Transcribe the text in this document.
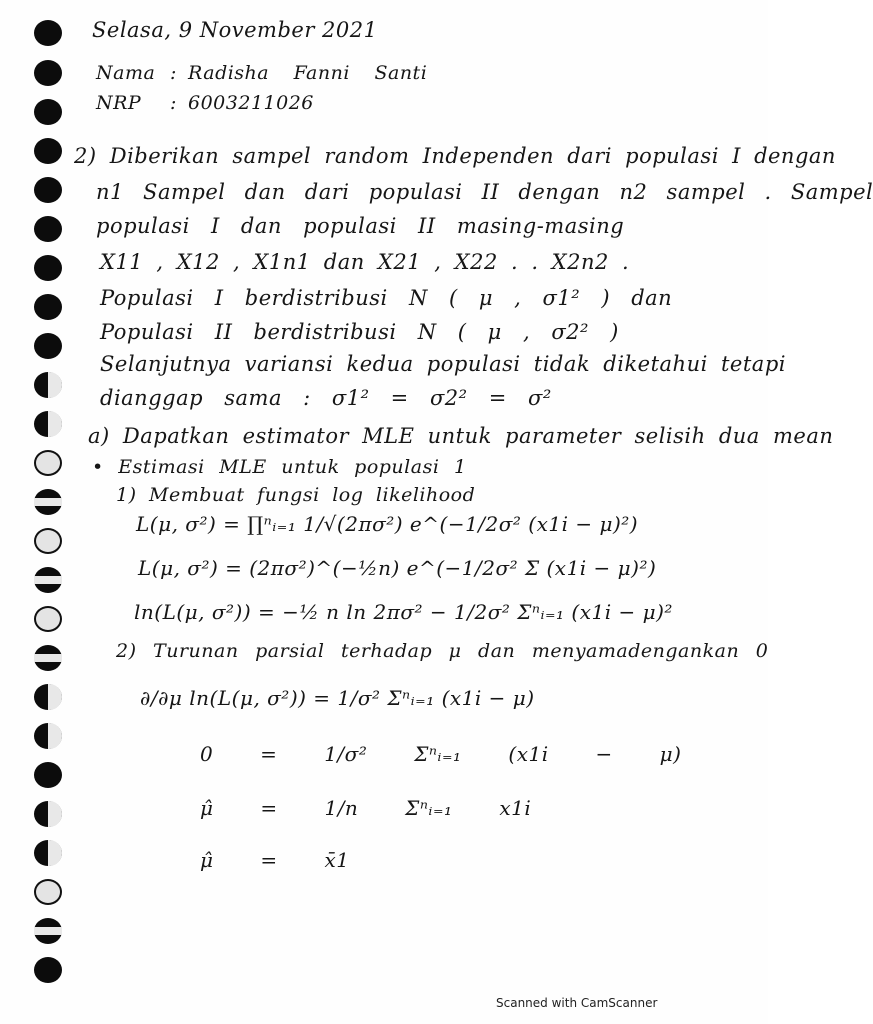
Selasa, 9 November 2021
Nama : Radisha Fanni Santi
NRP : 6003211026
2) Diberikan sampel random Independen dari populasi I dengan
n1 Sampel dan dari populasi II dengan n2 sampel . Sampel
populasi I dan populasi II masing-masing
X11 , X12 , X1n1 dan X21 , X22 . . X2n2 .
Populasi I berdistribusi N ( μ , σ1² ) dan
Populasi II berdistribusi N ( μ , σ2² )
Selanjutnya variansi kedua populasi tidak diketahui tetapi
dianggap sama : σ1² = σ2² = σ²
a) Dapatkan estimator MLE untuk parameter selisih dua mean
• Estimasi MLE untuk populasi 1
1) Membuat fungsi log likelihood
L(μ, σ²) = ∏ⁿᵢ₌₁ 1/√(2πσ²) e^(−1/2σ² (x1i − μ)²)
L(μ, σ²) = (2πσ²)^(−½n) e^(−1/2σ² Σ (x1i − μ)²)
ln(L(μ, σ²)) = −½ n ln 2πσ² − 1/2σ² Σⁿᵢ₌₁ (x1i − μ)²
2) Turunan parsial terhadap μ dan menyamadengankan 0
∂/∂μ ln(L(μ, σ²)) = 1/σ² Σⁿᵢ₌₁ (x1i − μ)
0 = 1/σ² Σⁿᵢ₌₁ (x1i − μ)
μ̂ = 1/n Σⁿᵢ₌₁ x1i
μ̂ = x̄1
Scanned with CamScanner
